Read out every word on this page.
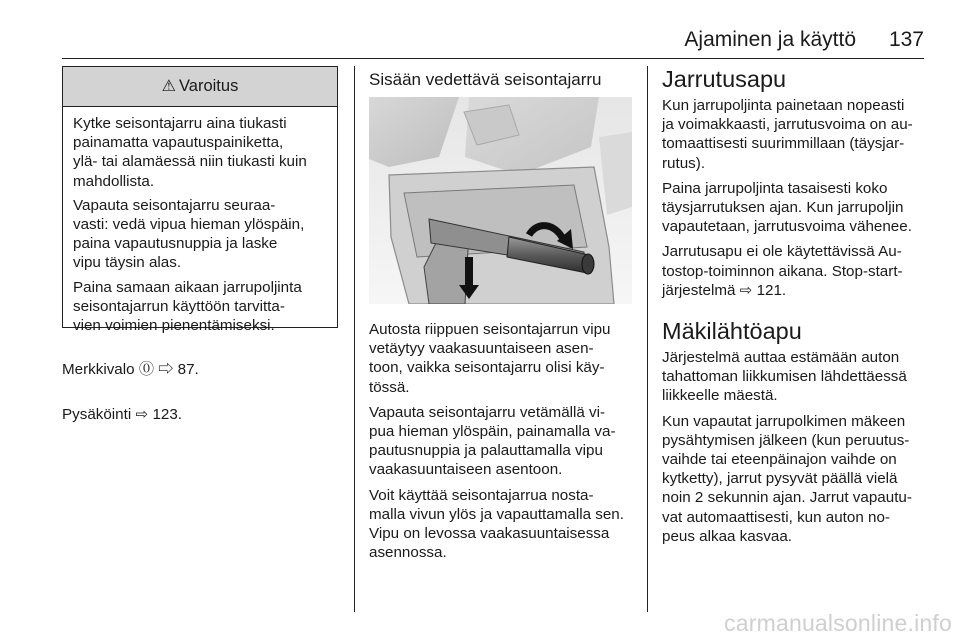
Ajaminen ja käyttö 137
⚠ Varoitus

Kytke seisontajarru aina tiukasti
painamatta vapautuspainiketta,
ylä- tai alamäessä niin tiukasti kuin
mahdollista.

Vapauta seisontajarru seuraa-
vasti: vedä vipua hieman ylöspäin,
paina vapautusnuppia ja laske
vipu täysin alas.

Paina samaan aikaan jarrupoljinta
seisontajarrun käyttöön tarvitta-
vien voimien pienentämiseksi.

Merkkivalo ⓪ ⇨ 87.

Pysäköinti ⇨ 123.

Sisään vedettävä seisontajarru

Autosta riippuen seisontajarrun vipu
vetäytyy vaakasuuntaiseen asen-
toon, vaikka seisontajarru olisi käy-
tössä.

Vapauta seisontajarru vetämällä vi-
pua hieman ylöspäin, painamalla va-
pautusnuppia ja palauttamalla vipu
vaakasuuntaiseen asentoon.

Voit käyttää seisontajarrua nosta-
malla vivun ylös ja vapauttamalla sen.
Vipu on levossa vaakasuuntaisessa
asennossa.

Jarrutusapu

Kun jarrupoljinta painetaan nopeasti
ja voimakkaasti, jarrutusvoima on au-
tomaattisesti suurimmillaan (täysjar-
rutus).

Paina jarrupoljinta tasaisesti koko
täysjarrutuksen ajan. Kun jarrupoljin
vapautetaan, jarrutusvoima vähenee.

Jarrutusapu ei ole käytettävissä Au-
tostop-toiminnon aikana. Stop-start-
järjestelmä ⇨ 121.

Mäkilähtöapu

Järjestelmä auttaa estämään auton
tahattoman liikkumisen lähdettäessä
liikkeelle mäestä.

Kun vapautat jarrupolkimen mäkeen
pysähtymisen jälkeen (kun peruutus-
vaihde tai eteenpäinajon vaihde on
kytketty), jarrut pysyvät päällä vielä
noin 2 sekunnin ajan. Jarrut vapautu-
vat automaattisesti, kun auton no-
peus alkaa kasvaa.

carmanualsonline.info
